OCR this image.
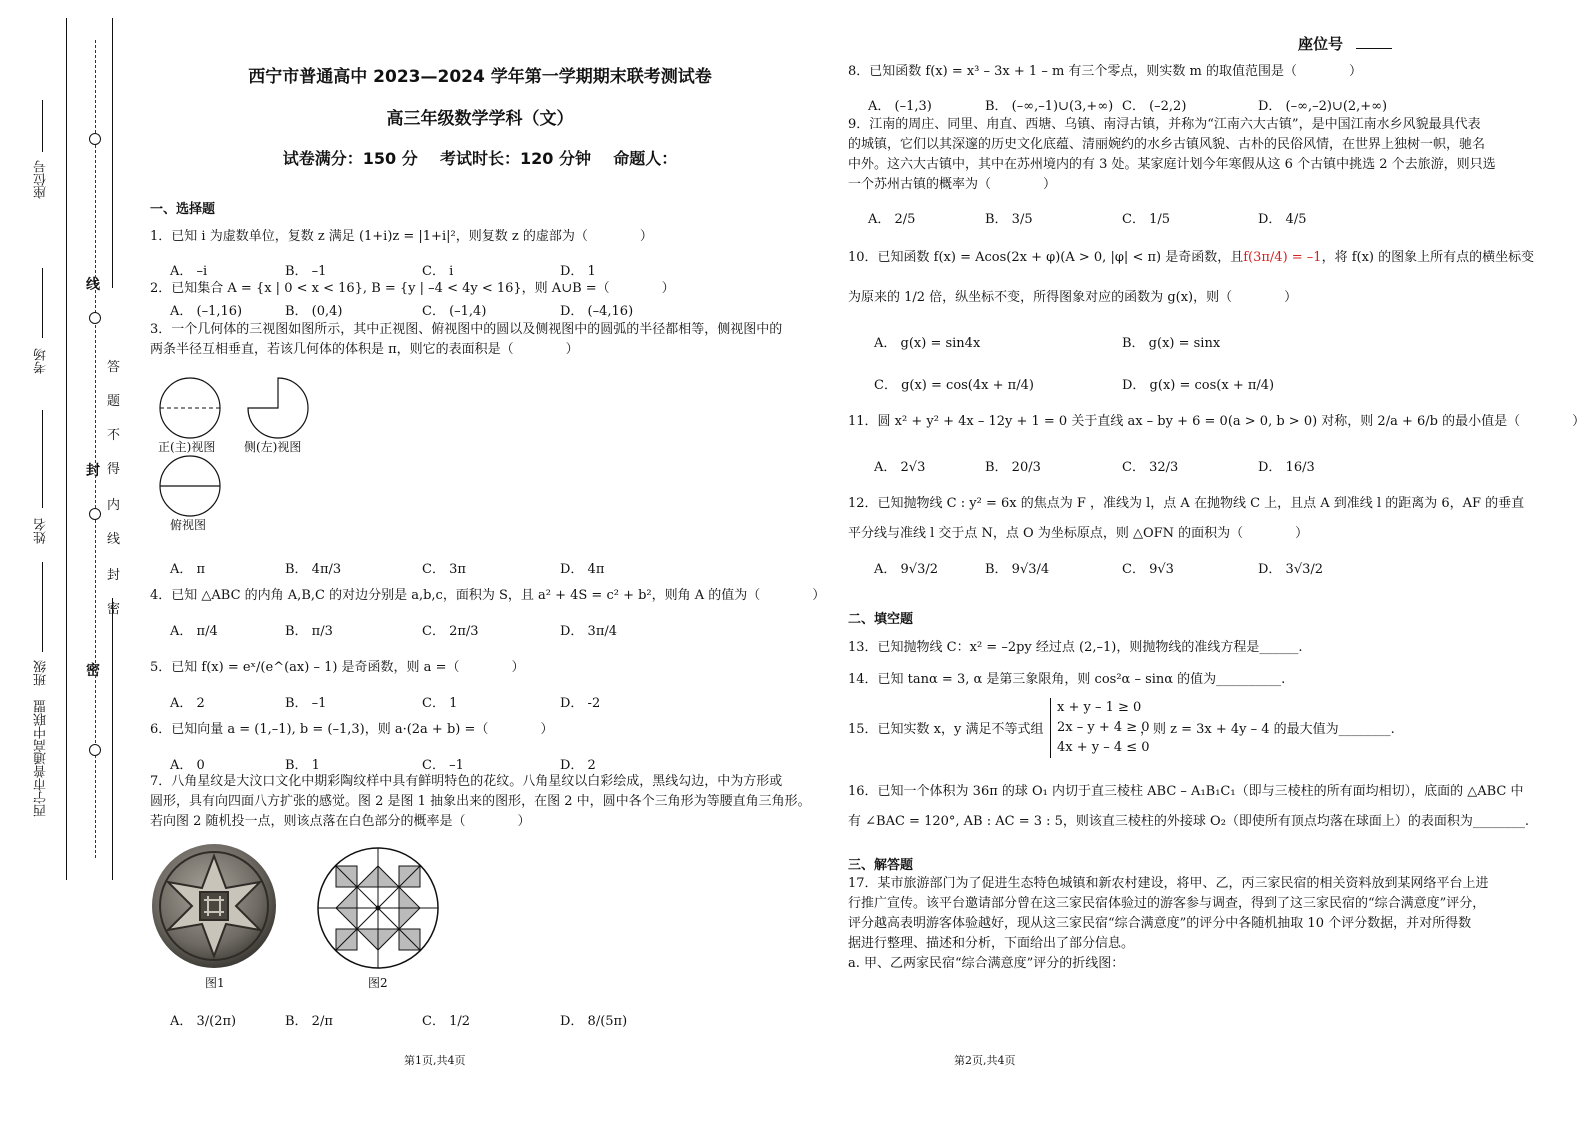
线
封
密
答
题
不
得
内
线
封
密
座位号
考场
姓名
班级
西宁市普通高中联盟
座位号
西宁市普通高中 2023—2024 学年第一学期期末联考测试卷
高三年级数学学科（文）
试卷满分：150 分    考试时长：120 分钟    命题人：
一、选择题
1．已知 i 为虚数单位，复数 z 满足 (1+i)z = |1+i|²，则复数 z 的虚部为（　　　　）
A． –i	B． –1	C． i	D． 1
2．已知集合 A = {x | 0 < x < 16}, B = {y | –4 < 4y < 16}，则 A∪B =（　　　　）
A． (–1,16)	B． (0,4)	C． (–1,4)	D． (–4,16)
3．一个几何体的三视图如图所示，其中正视图、俯视图中的圆以及侧视图中的圆弧的半径都相等，侧视图中的
两条半径互相垂直，若该几何体的体积是 π，则它的表面积是（　　　　）
正(主)视图 侧(左)视图
俯视图
A． π	B． 4π/3	C． 3π	D． 4π
4．已知 △ABC 的内角 A,B,C 的对边分别是 a,b,c，面积为 S，且 a² + 4S = c² + b²，则角 A 的值为（　　　　）
A． π/4	B． π/3	C． 2π/3	D． 3π/4
5．已知 f(x) = eˣ/(e^(ax) – 1) 是奇函数，则 a =（　　　　）
A． 2	B． –1	C． 1	D． -2
6．已知向量 a = (1,–1), b = (–1,3)，则 a·(2a + b) =（　　　　）
A． 0	B． 1	C． –1	D． 2
7．八角星纹是大汶口文化中期彩陶纹样中具有鲜明特色的花纹。八角星纹以白彩绘成，黑线勾边，中为方形或
圆形，具有向四面八方扩张的感觉。图 2 是图 1 抽象出来的图形，在图 2 中，圆中各个三角形为等腰直角三角形。
若向图 2 随机投一点，则该点落在白色部分的概率是（　　　　）
图1	图2
A． 3/(2π)	B． 2/π	C． 1/2	D． 8/(5π)
第1页,共4页
8．已知函数 f(x) = x³ – 3x + 1 – m 有三个零点，则实数 m 的取值范围是（　　　　）
A． (–1,3)	B． (–∞,–1)∪(3,+∞) C． (–2,2)	D． (–∞,–2)∪(2,+∞)
9．江南的周庄、同里、甪直、西塘、乌镇、南浔古镇，并称为“江南六大古镇”，是中国江南水乡风貌最具代表
的城镇，它们以其深邃的历史文化底蕴、清丽婉约的水乡古镇风貌、古朴的民俗风情，在世界上独树一帜，驰名
中外。这六大古镇中，其中在苏州境内的有 3 处。某家庭计划今年寒假从这 6 个古镇中挑选 2 个去旅游，则只选
一个苏州古镇的概率为（　　　　）
A． 2/5	B． 3/5	C． 1/5	D． 4/5
10．已知函数 f(x) = Acos(2x + φ)(A > 0, |φ| < π) 是奇函数，且f(3π/4) = –1，将 f(x) 的图象上所有点的横坐标变
为原来的 1/2 倍，纵坐标不变，所得图象对应的函数为 g(x)，则（　　　　）
A． g(x) = sin4x	B． g(x) = sinx
C． g(x) = cos(4x + π/4)	D． g(x) = cos(x + π/4)
11．圆 x² + y² + 4x – 12y + 1 = 0 关于直线 ax – by + 6 = 0(a > 0, b > 0) 对称，则 2/a + 6/b 的最小值是（　　　　）
A． 2√3	B． 20/3	C． 32/3	D． 16/3
12．已知抛物线 C : y² = 6x 的焦点为 F ，准线为 l，点 A 在抛物线 C 上，且点 A 到准线 l 的距离为 6，AF 的垂直
平分线与准线 l 交于点 N，点 O 为坐标原点，则 △OFN 的面积为（　　　　）
A． 9√3/2	B． 9√3/4	C． 9√3	D． 3√3/2
二、填空题
13．已知抛物线 C：x² = –2py 经过点 (2,–1)，则抛物线的准线方程是______.
14．已知 tanα = 3, α 是第三象限角，则 cos²α – sinα 的值为__________.
15．已知实数 x，y 满足不等式组
x + y – 1 ≥ 0
2x – y + 4 ≥ 0
4x + y – 4 ≤ 0
，则 z = 3x + 4y – 4 的最大值为________.
16．已知一个体积为 36π 的球 O₁ 内切于直三棱柱 ABC – A₁B₁C₁（即与三棱柱的所有面均相切），底面的 △ABC 中
有 ∠BAC = 120°, AB : AC = 3 : 5，则该直三棱柱的外接球 O₂（即使所有顶点均落在球面上）的表面积为________.
三、解答题
17．某市旅游部门为了促进生态特色城镇和新农村建设，将甲、乙，丙三家民宿的相关资料放到某网络平台上进
行推广宣传。该平台邀请部分曾在这三家民宿体验过的游客参与调查，得到了这三家民宿的“综合满意度”评分，
评分越高表明游客体验越好，现从这三家民宿“综合满意度”的评分中各随机抽取 10 个评分数据，并对所得数
据进行整理、描述和分析，下面给出了部分信息。
a. 甲、乙两家民宿“综合满意度”评分的折线图：
第2页,共4页
